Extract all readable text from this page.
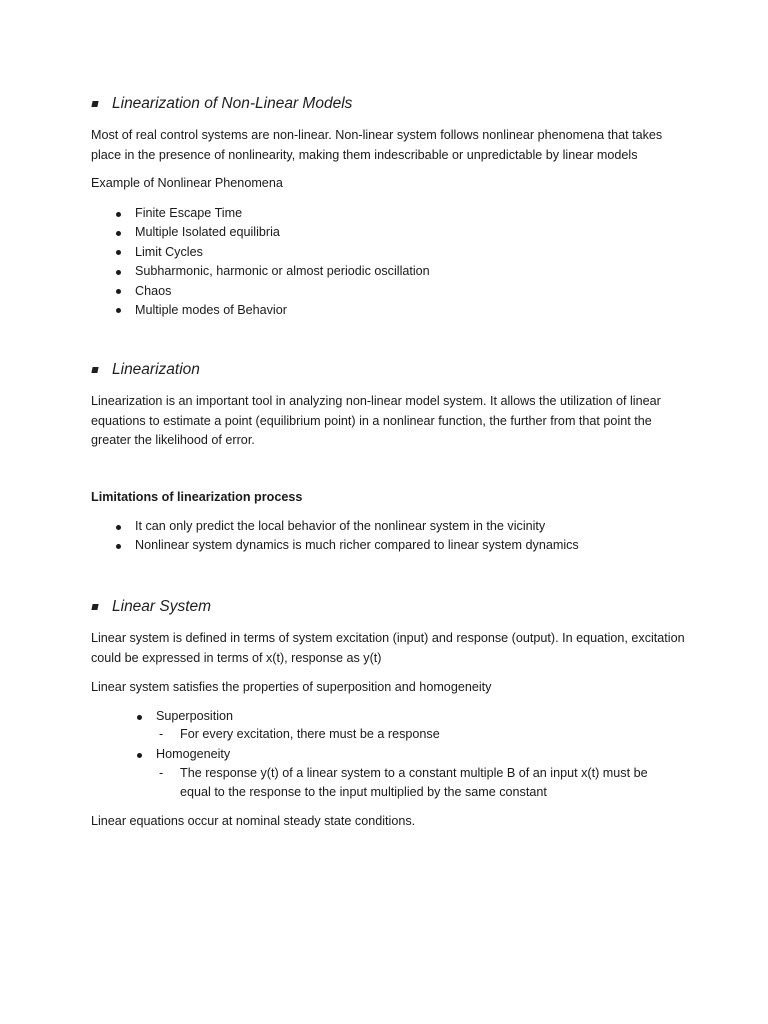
Linearization of Non-Linear Models
Most of real control systems are non-linear. Non-linear system follows nonlinear phenomena that takes place in the presence of nonlinearity, making them indescribable or unpredictable by linear models
Example of Nonlinear Phenomena
Finite Escape Time
Multiple Isolated equilibria
Limit Cycles
Subharmonic, harmonic or almost periodic oscillation
Chaos
Multiple modes of Behavior
Linearization
Linearization is an important tool in analyzing non-linear model system. It allows the utilization of linear equations to estimate a point (equilibrium point) in a nonlinear function, the further from that point the greater the likelihood of error.
Limitations of linearization process
It can only predict the local behavior of the nonlinear system in the vicinity
Nonlinear system dynamics is much richer compared to linear system dynamics
Linear System
Linear system is defined in terms of system excitation (input) and response (output). In equation, excitation could be expressed in terms of x(t), response as y(t)
Linear system satisfies the properties of superposition and homogeneity
Superposition
- For every excitation, there must be a response
Homogeneity
- The response y(t) of a linear system to a constant multiple B of an input x(t) must be equal to the response to the input multiplied by the same constant
Linear equations occur at nominal steady state conditions.
